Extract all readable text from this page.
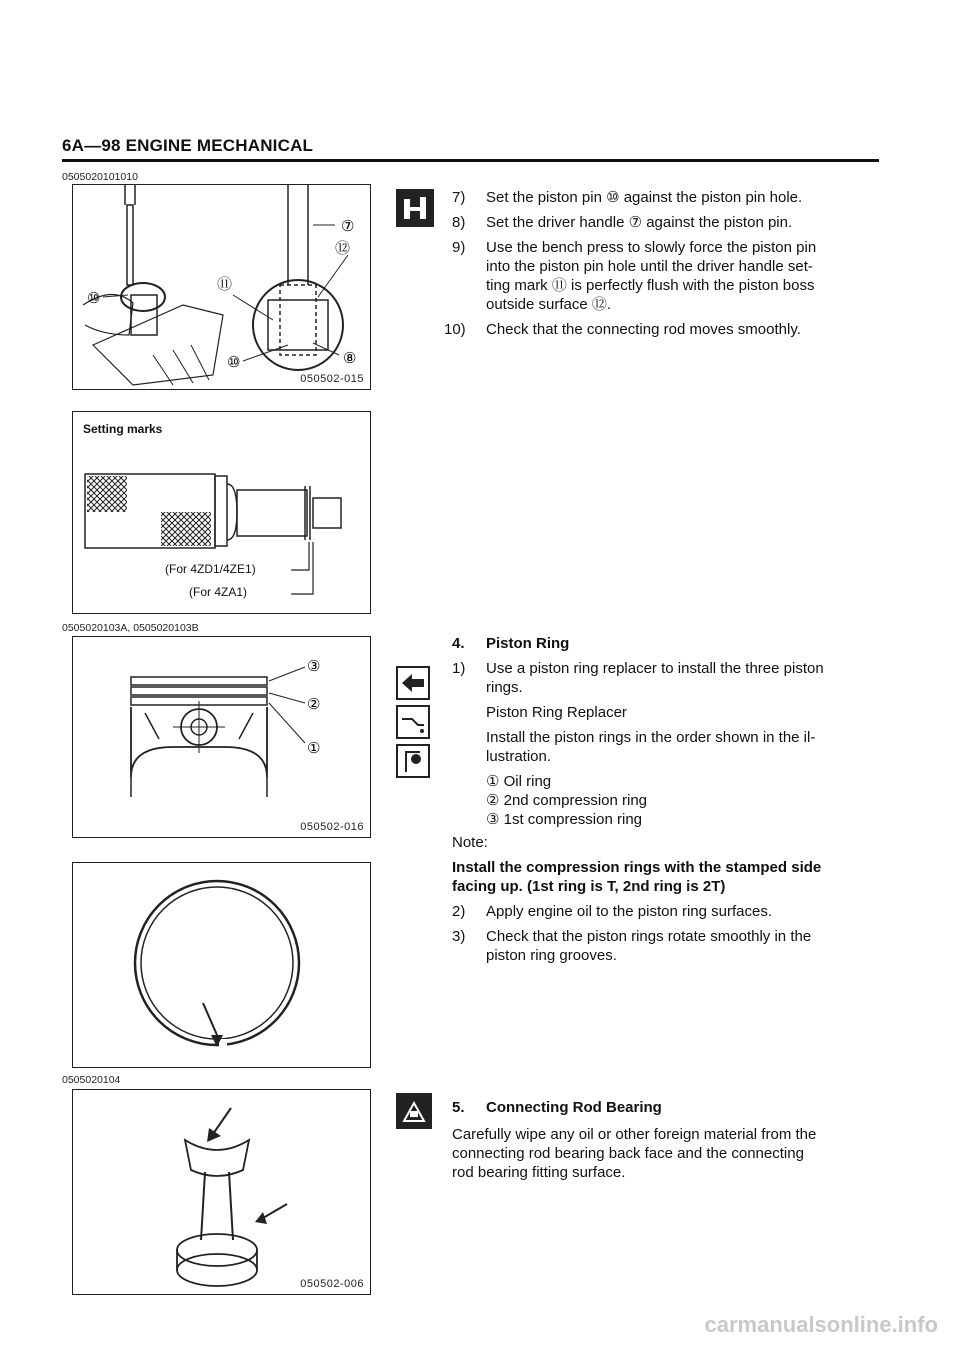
6A—98 ENGINE MECHANICAL
0505020101010
⑦
⑪
⑫
⑩
⑩	⑧
050502-015
Setting marks
(For 4ZD1/4ZE1)
(For 4ZA1)
0505020103A, 0505020103B
③
②
①
050502-016
0505020104
050502-006
7) Set the piston pin ⑩ against the piston pin hole.
8) Set the driver handle ⑦ against the piston pin.
9) Use the bench press to slowly force the piston pin
into the piston pin hole until the driver handle set-
ting mark ⑪ is perfectly flush with the piston boss
outside surface ⑫.
10) Check that the connecting rod moves smoothly.
4. Piston Ring
1) Use a piston ring replacer to install the three piston
rings.
Piston Ring Replacer
Install the piston rings in the order shown in the il-
lustration.
① Oil ring
② 2nd compression ring
③ 1st compression ring
Note:
Install the compression rings with the stamped side
facing up. (1st ring is T, 2nd ring is 2T)
2) Apply engine oil to the piston ring surfaces.
3) Check that the piston rings rotate smoothly in the
piston ring grooves.
5. Connecting Rod Bearing
Carefully wipe any oil or other foreign material from the
connecting rod bearing back face and the connecting
rod bearing fitting surface.
carmanualsonline.info
